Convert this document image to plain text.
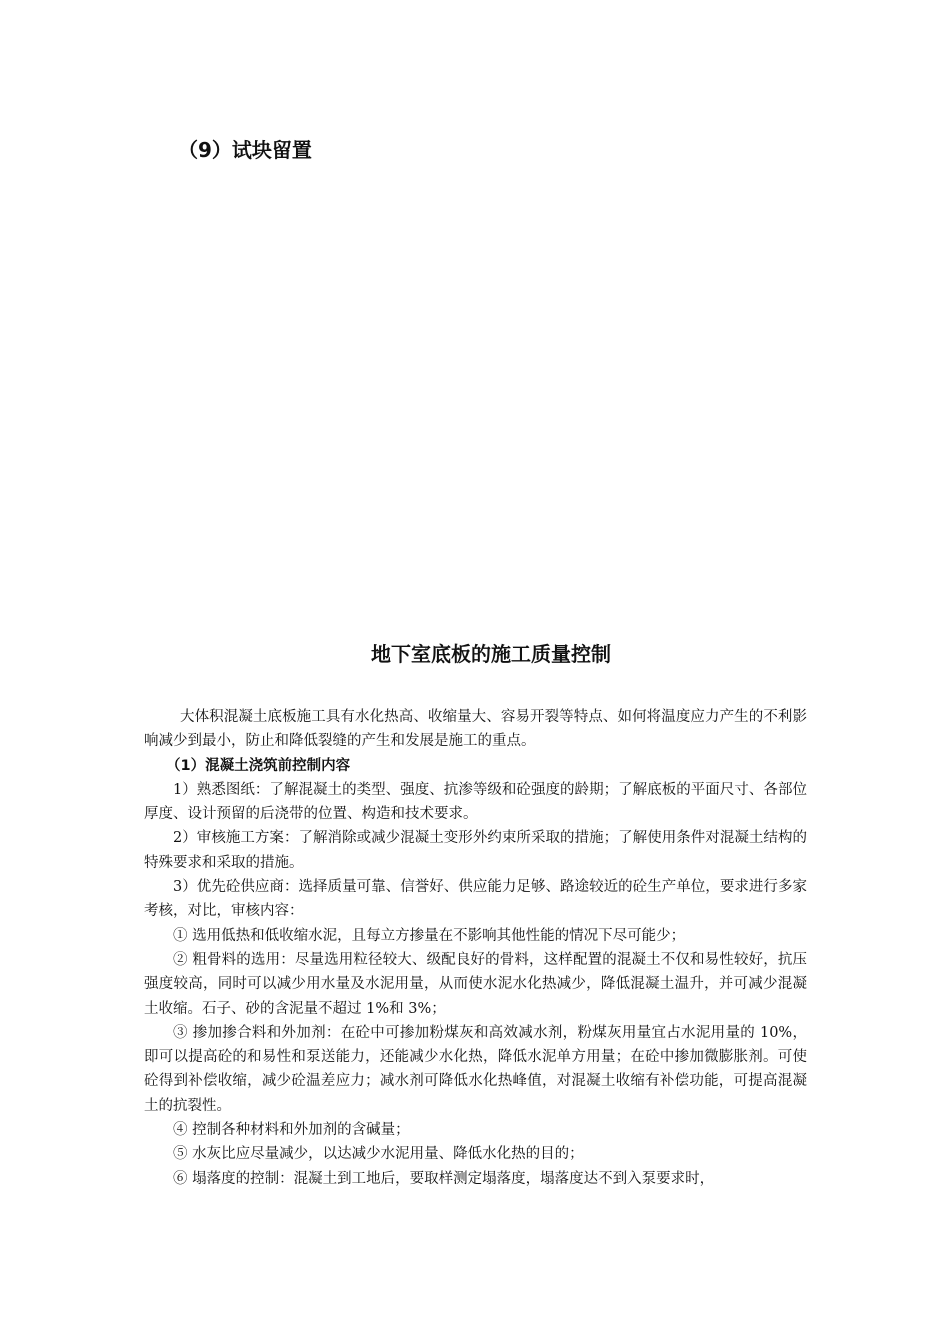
（9）试块留置
地下室底板的施工质量控制

大体积混凝土底板施工具有水化热高、收缩量大、容易开裂等特点、如何将温度应力产生的不利影响减少到最小，防止和降低裂缝的产生和发展是施工的重点。

（1）混凝土浇筑前控制内容

1）熟悉图纸：了解混凝土的类型、强度、抗渗等级和砼强度的龄期；了解底板的平面尺寸、各部位厚度、设计预留的后浇带的位置、构造和技术要求。

2）审核施工方案：了解消除或减少混凝土变形外约束所采取的措施；了解使用条件对混凝土结构的特殊要求和采取的措施。

3）优先砼供应商：选择质量可靠、信誉好、供应能力足够、路途较近的砼生产单位，要求进行多家考核，对比，审核内容：

① 选用低热和低收缩水泥，且每立方掺量在不影响其他性能的情况下尽可能少；

② 粗骨料的选用：尽量选用粒径较大、级配良好的骨料，这样配置的混凝土不仅和易性较好，抗压强度较高，同时可以减少用水量及水泥用量，从而使水泥水化热减少，降低混凝土温升，并可减少混凝土收缩。石子、砂的含泥量不超过 1%和 3%；

③ 掺加掺合料和外加剂：在砼中可掺加粉煤灰和高效减水剂，粉煤灰用量宜占水泥用量的 10%，即可以提高砼的和易性和泵送能力，还能减少水化热，降低水泥单方用量；在砼中掺加微膨胀剂。可使砼得到补偿收缩，减少砼温差应力；减水剂可降低水化热峰值，对混凝土收缩有补偿功能，可提高混凝土的抗裂性。

④ 控制各种材料和外加剂的含碱量；

⑤ 水灰比应尽量减少，以达减少水泥用量、降低水化热的目的；

⑥ 塌落度的控制：混凝土到工地后，要取样测定塌落度，塌落度达不到入泵要求时，
